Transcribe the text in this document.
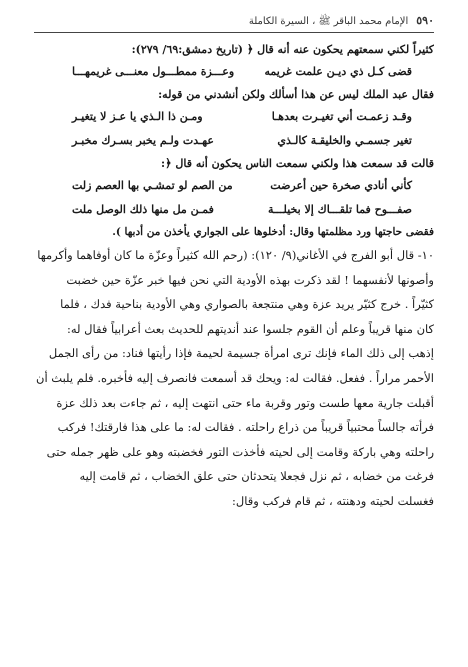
٥٩٠
الإمام محمد الباقر ﷺ ، السيرة الكاملة
كثيراً لكني سمعتهم يحكون عنه أنه قال ﴿ (تاريخ دمشق:٦٩/ ٢٧٩):
قضى كـل ذي ديـن علمت غريمه
وعـــزة ممطـــول معنـــى غريمهـــا
فقال عبد الملك ليس عن هذا أسألك ولكن أنشدني من قوله:
وقـد زعمـت أني تغيـرت بعدهـا
ومـن ذا الـذي يا عـز لا يتغيـر
تغير جسمـي والخليقـة كالـذي
عهـدت ولـم يخبر بسـرك مخبـر
قالت قد سمعت هذا ولكني سمعت الناس يحكون أنه قال ﴿:
كأني أنادي صخرة حين أعرضت
من الصم لو تمشـي بها العصم زلت
صفـــوح فما تلقـــاك إلا بخيلـــة
فمـن مل منها ذلك الوصل ملت
فقضى حاجتها ورد مظلمتها وقال: أدخلوها على الجواري يأخذن من أدبها ).
١٠- قال أبو الفرج في الأغاني(٩/ ١٢٠): (رحم الله كثيراً وعزّة ما كان أوفاهما وأكرمها
وأصونها لأنفسهما ! لقد ذكرت بهذه الأودية التي نحن فيها خبر عزّة حين خضبت
كثيّراً . خرج كثيّر يريد عزة وهي منتجعة بالصواري وهي الأودية بناحية فدك ، فلما
كان منها قريباً وعلم أن القوم جلسوا عند أنديتهم للحديث بعث أعرابياً فقال له:
إذهب إلى ذلك الماء فإنك ترى امرأة جسيمة لحيمة فإذا رأيتها فناد: من رأى الجمل
الأحمر مراراً . ففعل. فقالت له: ويحك قد أسمعت فانصرف إليه فأخبره. فلم يلبث أن
أقبلت جارية معها طست وتور وقربة ماء حتى انتهت إليه ، ثم جاءت بعد ذلك عزة
فرأته جالساً محتبياً قريباً من ذراع راحلته . فقالت له: ما على هذا فارقتك! فركب
راحلته وهي باركة وقامت إلى لحيته فأخذت التور فخضبته وهو على ظهر جمله حتى
فرغت من خضابه ، ثم نزل فجعلا يتحدثان حتى علق الخضاب ، ثم قامت إليه
فغسلت لحيته ودهنته ، ثم قام فركب وقال:
